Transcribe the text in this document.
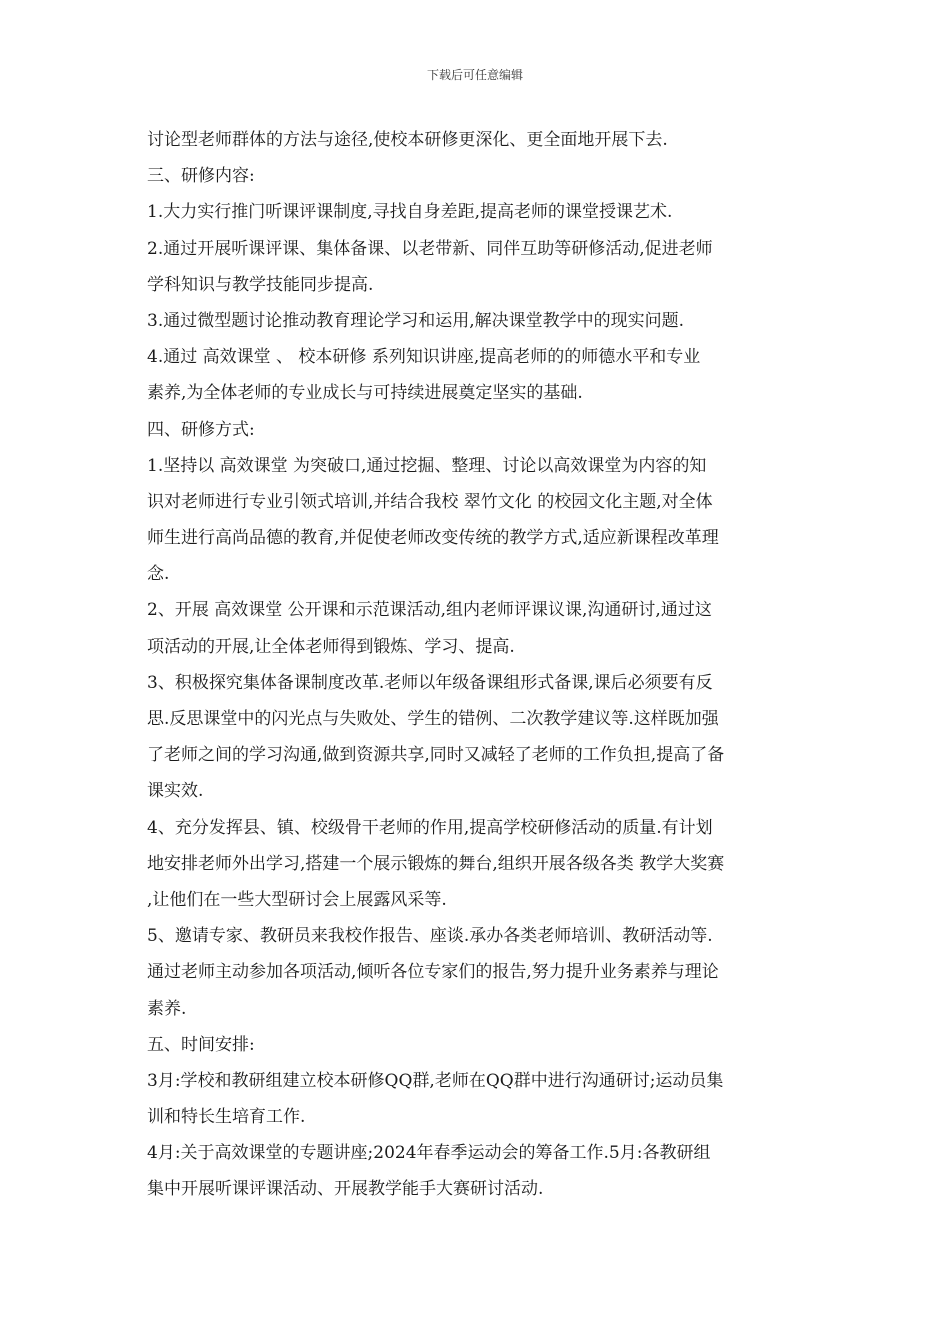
下载后可任意编辑
讨论型老师群体的方法与途径,使校本研修更深化、更全面地开展下去.
三、研修内容:
1.大力实行推门听课评课制度,寻找自身差距,提高老师的课堂授课艺术.
2.通过开展听课评课、集体备课、以老带新、同伴互助等研修活动,促进老师
学科知识与教学技能同步提高.
3.通过微型题讨论推动教育理论学习和运用,解决课堂教学中的现实问题.
4.通过 高效课堂 、 校本研修 系列知识讲座,提高老师的的师德水平和专业
素养,为全体老师的专业成长与可持续进展奠定坚实的基础.
四、研修方式:
1.坚持以 高效课堂 为突破口,通过挖掘、整理、讨论以高效课堂为内容的知
识对老师进行专业引领式培训,并结合我校 翠竹文化 的校园文化主题,对全体
师生进行高尚品德的教育,并促使老师改变传统的教学方式,适应新课程改革理
念.
2、开展 高效课堂 公开课和示范课活动,组内老师评课议课,沟通研讨,通过这
项活动的开展,让全体老师得到锻炼、学习、提高.
3、积极探究集体备课制度改革.老师以年级备课组形式备课,课后必须要有反
思.反思课堂中的闪光点与失败处、学生的错例、二次教学建议等.这样既加强
了老师之间的学习沟通,做到资源共享,同时又减轻了老师的工作负担,提高了备
课实效.
4、充分发挥县、镇、校级骨干老师的作用,提高学校研修活动的质量.有计划
地安排老师外出学习,搭建一个展示锻炼的舞台,组织开展各级各类 教学大奖赛
,让他们在一些大型研讨会上展露风采等.
5、邀请专家、教研员来我校作报告、座谈.承办各类老师培训、教研活动等.
通过老师主动参加各项活动,倾听各位专家们的报告,努力提升业务素养与理论
素养.
五、时间安排:
3月:学校和教研组建立校本研修QQ群,老师在QQ群中进行沟通研讨;运动员集
训和特长生培育工作.
4月:关于高效课堂的专题讲座;2024年春季运动会的筹备工作.5月:各教研组
集中开展听课评课活动、开展教学能手大赛研讨活动.
